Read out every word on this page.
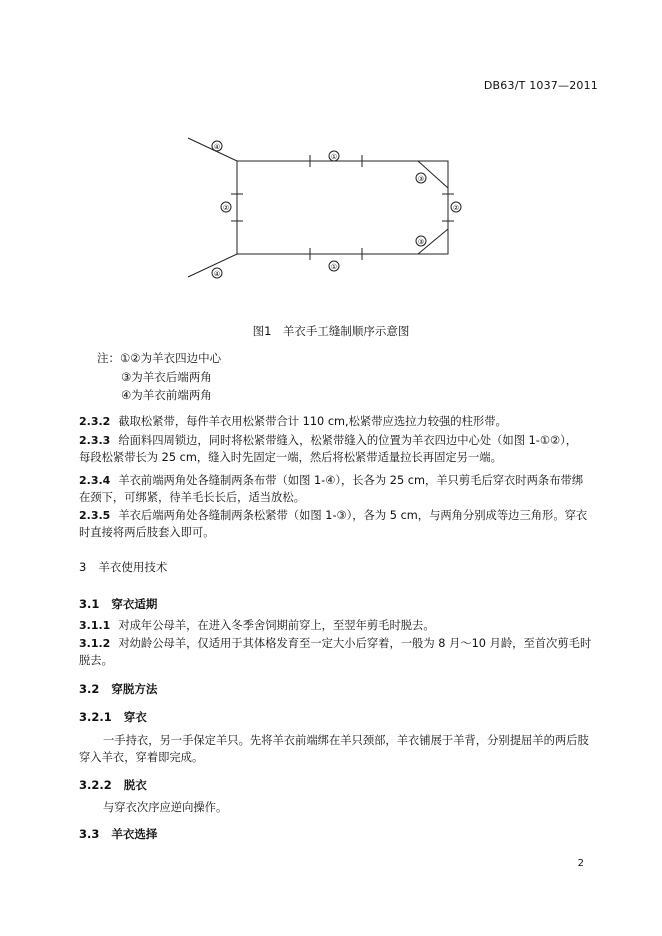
DB63/T 1037—2011
①
①
②	②
③
③
④
④
图1　羊衣手工缝制顺序示意图
注：①②为羊衣四边中心
③为羊衣后端两角
④为羊衣前端两角
2.3.2 截取松紧带，每件羊衣用松紧带合计 110 cm,松紧带应选拉力较强的柱形带。
2.3.3 给面料四周锁边，同时将松紧带缝入，松紧带缝入的位置为羊衣四边中心处（如图 1-①②），
每段松紧带长为 25 cm，缝入时先固定一端，然后将松紧带适量拉长再固定另一端。
2.3.4 羊衣前端两角处各缝制两条布带（如图 1-④），长各为 25 cm，羊只剪毛后穿衣时两条布带绑
在颈下，可绑紧，待羊毛长长后，适当放松。
2.3.5 羊衣后端两角处各缝制两条松紧带（如图 1-③），各为 5 cm，与两角分别成等边三角形。穿衣
时直接将两后肢套入即可。
3 羊衣使用技术
3.1 穿衣适期
3.1.1 对成年公母羊，在进入冬季舍饲期前穿上，至翌年剪毛时脱去。
3.1.2 对幼龄公母羊，仅适用于其体格发育至一定大小后穿着，一般为 8 月～10 月龄，至首次剪毛时
脱去。
3.2 穿脱方法
3.2.1 穿衣
一手持衣，另一手保定羊只。先将羊衣前端绑在羊只颈部，羊衣铺展于羊背，分别提屈羊的两后肢
穿入羊衣，穿着即完成。
3.2.2 脱衣
与穿衣次序应逆向操作。
3.3 羊衣选择
2
